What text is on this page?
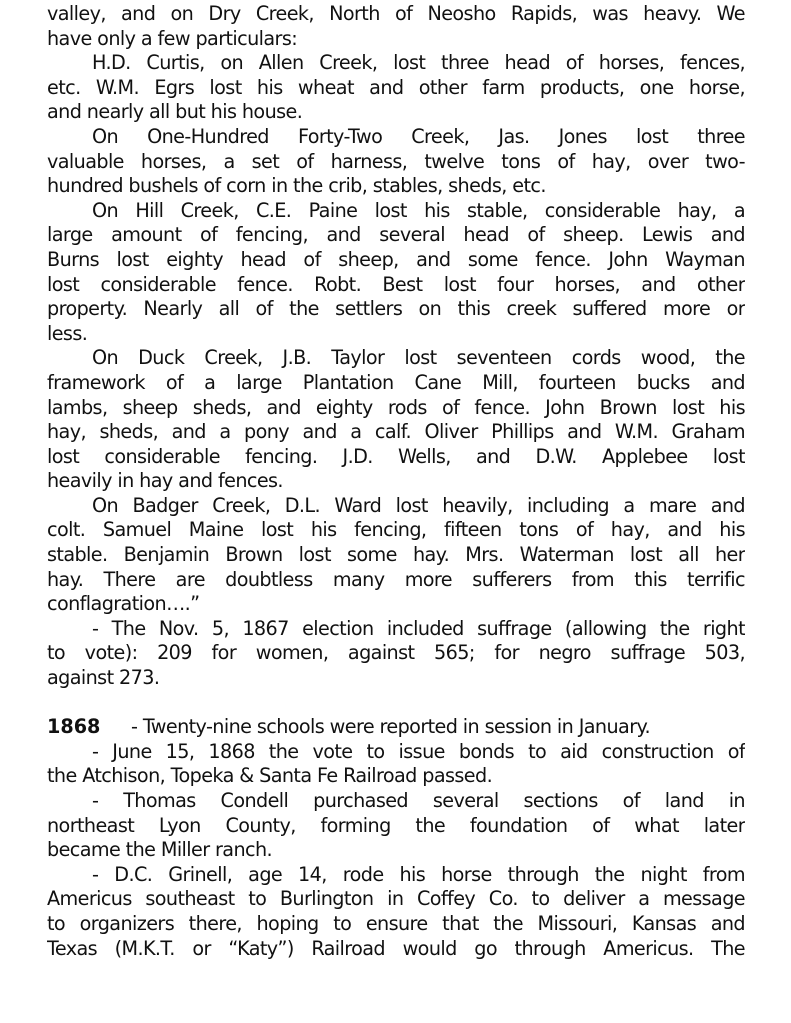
valley, and on Dry Creek, North of Neosho Rapids, was heavy. We
have only a few particulars:
H.D. Curtis, on Allen Creek, lost three head of horses, fences,
etc. W.M. Egrs lost his wheat and other farm products, one horse,
and nearly all but his house.
On One-Hundred Forty-Two Creek, Jas. Jones lost three
valuable horses, a set of harness, twelve tons of hay, over two-
hundred bushels of corn in the crib, stables, sheds, etc.
On Hill Creek, C.E. Paine lost his stable, considerable hay, a
large amount of fencing, and several head of sheep. Lewis and
Burns lost eighty head of sheep, and some fence. John Wayman
lost considerable fence. Robt. Best lost four horses, and other
property. Nearly all of the settlers on this creek suffered more or
less.
On Duck Creek, J.B. Taylor lost seventeen cords wood, the
framework of a large Plantation Cane Mill, fourteen bucks and
lambs, sheep sheds, and eighty rods of fence. John Brown lost his
hay, sheds, and a pony and a calf. Oliver Phillips and W.M. Graham
lost considerable fencing. J.D. Wells, and D.W. Applebee lost
heavily in hay and fences.
On Badger Creek, D.L. Ward lost heavily, including a mare and
colt. Samuel Maine lost his fencing, fifteen tons of hay, and his
stable. Benjamin Brown lost some hay. Mrs. Waterman lost all her
hay. There are doubtless many more sufferers from this terrific
conflagration….”
- The Nov. 5, 1867 election included suffrage (allowing the right
to vote): 209 for women, against 565; for negro suffrage 503,
against 273.
1868 - Twenty-nine schools were reported in session in January.
- June 15, 1868 the vote to issue bonds to aid construction of
the Atchison, Topeka & Santa Fe Railroad passed.
- Thomas Condell purchased several sections of land in
northeast Lyon County, forming the foundation of what later
became the Miller ranch.
- D.C. Grinell, age 14, rode his horse through the night from
Americus southeast to Burlington in Coffey Co. to deliver a message
to organizers there, hoping to ensure that the Missouri, Kansas and
Texas (M.K.T. or “Katy”) Railroad would go through Americus. The
